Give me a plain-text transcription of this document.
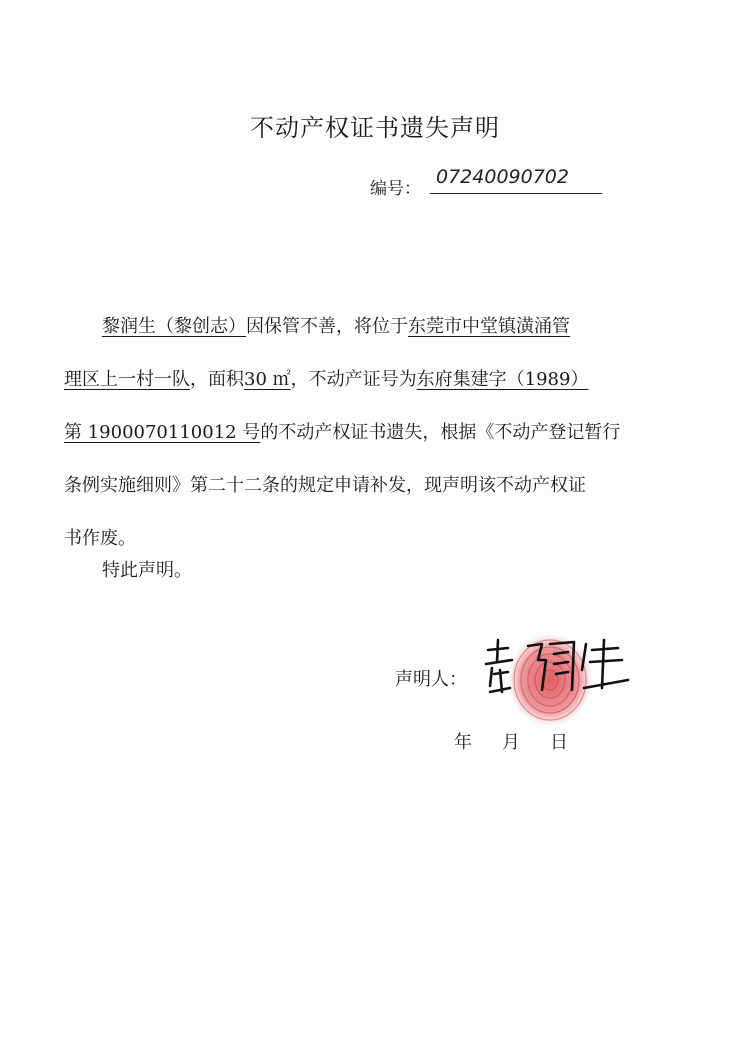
不动产权证书遗失声明
编号：
07240090702
黎润生（黎创志）因保管不善，将位于东莞市中堂镇潢涌管
理区上一村一队，面积30 ㎡，不动产证号为东府集建字（1989）
第 1900070110012 号的不动产权证书遗失，根据《不动产登记暂行
条例实施细则》第二十二条的规定申请补发，现声明该不动产权证
书作废。
特此声明。
声明人：
年 月 日
